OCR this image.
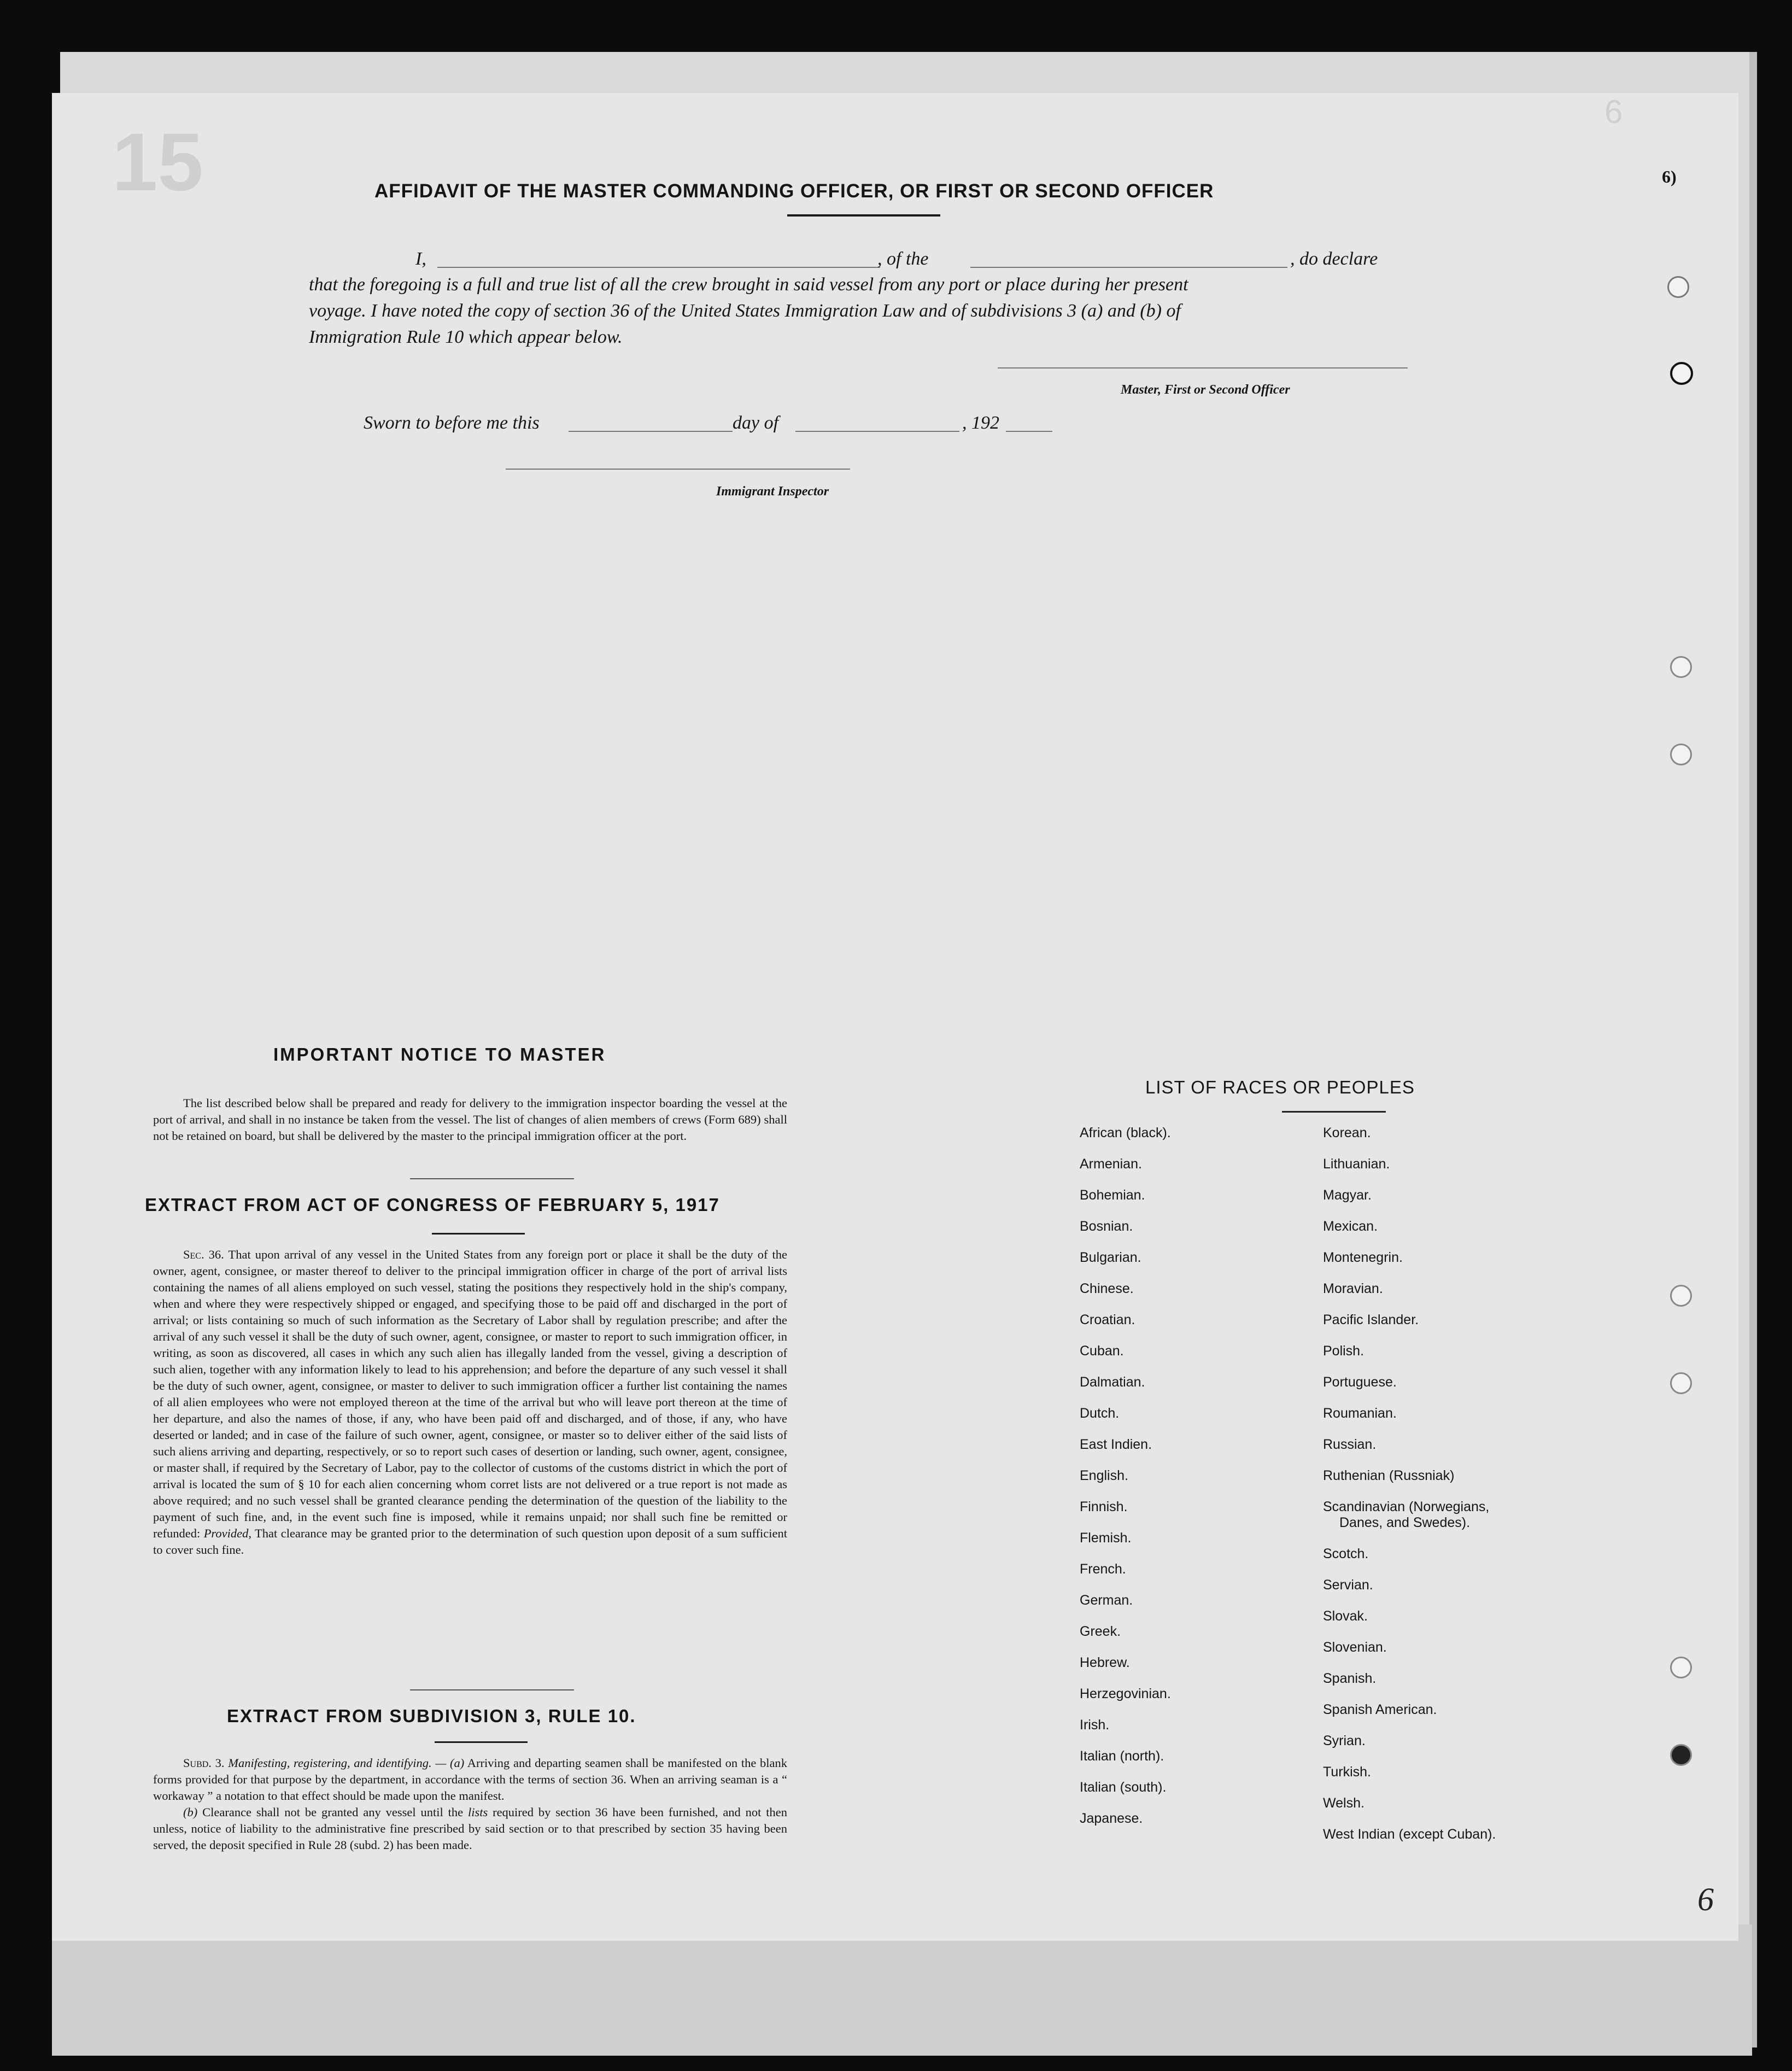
15
6
AFFIDAVIT OF THE MASTER COMMANDING OFFICER, OR FIRST OR SECOND OFFICER
I,	, of the	, do declare
that the foregoing is a full and true list of all the crew brought in said vessel from any port or place during her present
voyage. I have noted the copy of section 36 of the United States Immigration Law and of subdivisions 3 (a) and (b) of
Immigration Rule 10 which appear below.
Master, First or Second Officer
Sworn to before me this	day of	, 192
Immigrant Inspector
IMPORTANT NOTICE TO MASTER

The list described below shall be prepared and ready for delivery to the immigration inspector boarding the vessel at the port of arrival, and shall in no instance be taken from the vessel. The list of changes of alien members of crews (Form 689) shall not be retained on board, but shall be delivered by the master to the principal immigration officer at the port.

EXTRACT FROM ACT OF CONGRESS OF FEBRUARY 5, 1917

Sec. 36. That upon arrival of any vessel in the United States from any foreign port or place it shall be the duty of the owner, agent, consignee, or master thereof to deliver to the principal immigration officer in charge of the port of arrival lists containing the names of all aliens employed on such vessel, stating the positions they respectively hold in the ship's company, when and where they were respectively shipped or engaged, and specifying those to be paid off and discharged in the port of arrival; or lists containing so much of such information as the Secretary of Labor shall by regulation prescribe; and after the arrival of any such vessel it shall be the duty of such owner, agent, consignee, or master to report to such immigration officer, in writing, as soon as discovered, all cases in which any such alien has illegally landed from the vessel, giving a description of such alien, together with any information likely to lead to his apprehension; and before the departure of any such vessel it shall be the duty of such owner, agent, consignee, or master to deliver to such immigration officer a further list containing the names of all alien employees who were not employed thereon at the time of the arrival but who will leave port thereon at the time of her departure, and also the names of those, if any, who have been paid off and discharged, and of those, if any, who have deserted or landed; and in case of the failure of such owner, agent, consignee, or master so to deliver either of the said lists of such aliens arriving and departing, respectively, or so to report such cases of desertion or landing, such owner, agent, consignee, or master shall, if required by the Secretary of Labor, pay to the collector of customs of the customs district in which the port of arrival is located the sum of § 10 for each alien concerning whom corret lists are not delivered or a true report is not made as above required; and no such vessel shall be granted clearance pending the determination of the question of the liability to the payment of such fine, and, in the event such fine is imposed, while it remains unpaid; nor shall such fine be remitted or refunded: Provided, That clearance may be granted prior to the determination of such question upon deposit of a sum sufficient to cover such fine.

EXTRACT FROM SUBDIVISION 3, RULE 10.

Subd. 3. Manifesting, registering, and identifying. — (a) Arriving and departing seamen shall be manifested on the blank forms provided for that purpose by the department, in accordance with the terms of section 36. When an arriving seaman is a “ workaway ” a notation to that effect should be made upon the manifest.

(b) Clearance shall not be granted any vessel until the lists required by section 36 have been furnished, and not then unless, notice of liability to the administrative fine prescribed by said section or to that prescribed by section 35 having been served, the deposit specified in Rule 28 (subd. 2) has been made.

LIST OF RACES OR PEOPLES
African (black).
Armenian.
Bohemian.
Bosnian.
Bulgarian.
Chinese.
Croatian.
Cuban.
Dalmatian.
Dutch.
East Indien.
English.
Finnish.
Flemish.
French.
German.
Greek.
Hebrew.
Herzegovinian.
Irish.
Italian (north).
Italian (south).
Japanese.
Korean.
Lithuanian.
Magyar.
Mexican.
Montenegrin.
Moravian.
Pacific Islander.
Polish.
Portuguese.
Roumanian.
Russian.
Ruthenian (Russniak)
Scandinavian (Norwegians,
Danes, and Swedes).
Scotch.
Servian.
Slovak.
Slovenian.
Spanish.
Spanish American.
Syrian.
Turkish.
Welsh.
West Indian (except Cuban).
6)
6
